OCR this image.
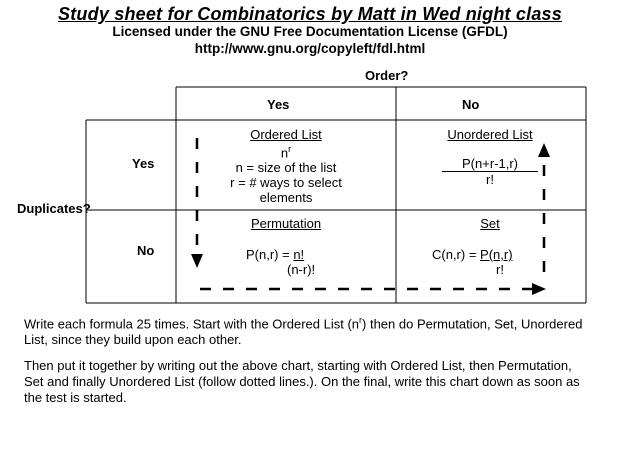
Study sheet for Combinatorics by Matt in Wed night class
Licensed under the GNU Free Documentation License (GFDL)
http://www.gnu.org/copyleft/fdl.html
Order?
Yes	No
Duplicates?
Yes
No
Ordered List
$n^r$
n = size of the list
r = # ways to select
elements
Unordered List
P(n+r-1,r)
r!
Permutation
P(n,r) = n!
(n-r)!
Set
C(n,r) = P(n,r)
r!
Write each formula 25 times. Start with the Ordered List $(n^r)$ then do Permutation, Set, Unordered List, since they build upon each other.
Then put it together by writing out the above chart, starting with Ordered List, then Permutation, Set and finally Unordered List (follow dotted lines.). On the final, write this chart down as soon as the test is started.
